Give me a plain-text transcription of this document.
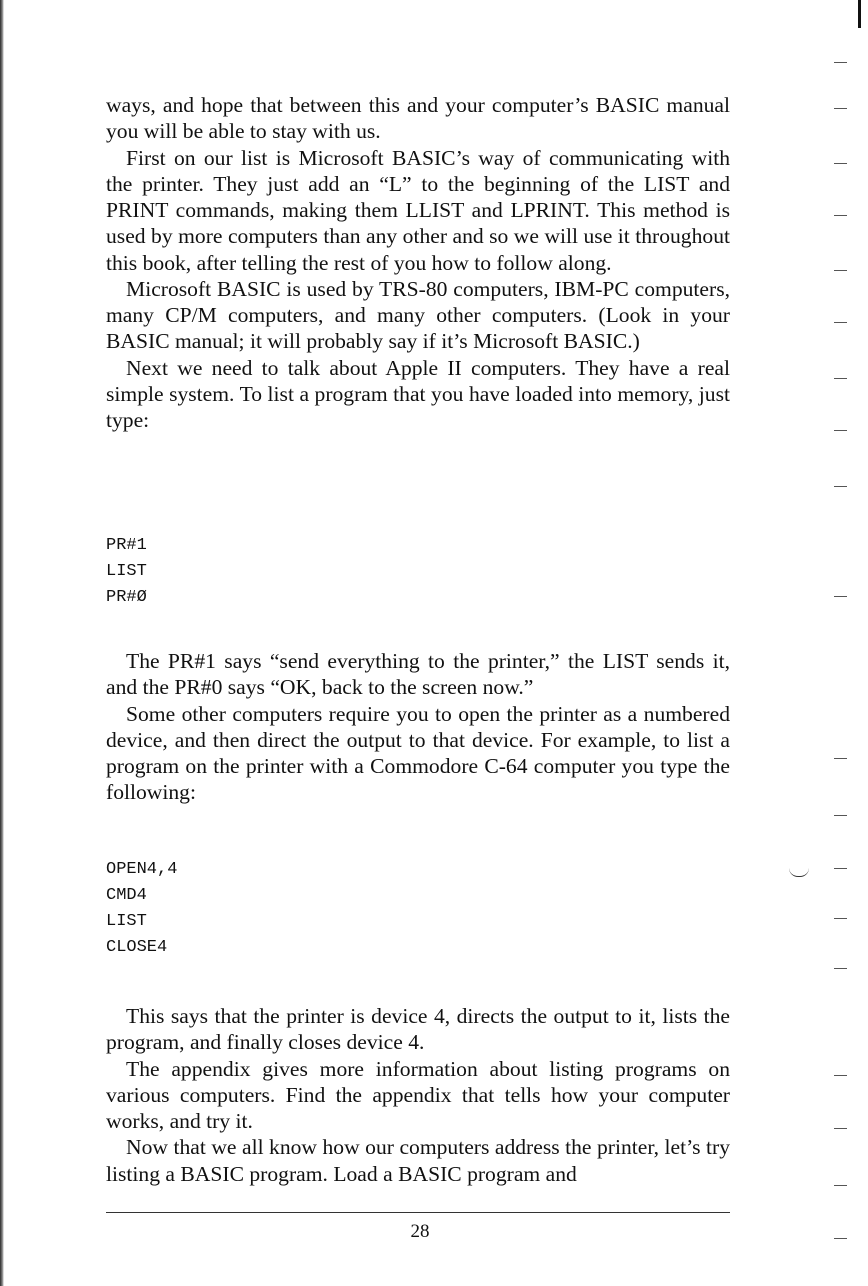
ways, and hope that between this and your computer’s BASIC manual you will be able to stay with us.

First on our list is Microsoft BASIC’s way of communicating with the printer. They just add an “L” to the beginning of the LIST and PRINT commands, making them LLIST and LPRINT. This method is used by more computers than any other and so we will use it throughout this book, after telling the rest of you how to follow along.

Microsoft BASIC is used by TRS-80 computers, IBM-PC computers, many CP/M computers, and many other computers. (Look in your BASIC manual; it will probably say if it’s Microsoft BASIC.)

Next we need to talk about Apple II computers. They have a real simple system. To list a program that you have loaded into memory, just type:

PR#1
LIST
PR#Ø

The PR#1 says “send everything to the printer,” the LIST sends it, and the PR#0 says “OK, back to the screen now.”

Some other computers require you to open the printer as a numbered device, and then direct the output to that device. For example, to list a program on the printer with a Commodore C-64 computer you type the following:

OPEN4,4
CMD4
LIST
CLOSE4

This says that the printer is device 4, directs the output to it, lists the program, and finally closes device 4.

The appendix gives more information about listing programs on various computers. Find the appendix that tells how your computer works, and try it.

Now that we all know how our computers address the printer, let’s try listing a BASIC program. Load a BASIC program and

28
